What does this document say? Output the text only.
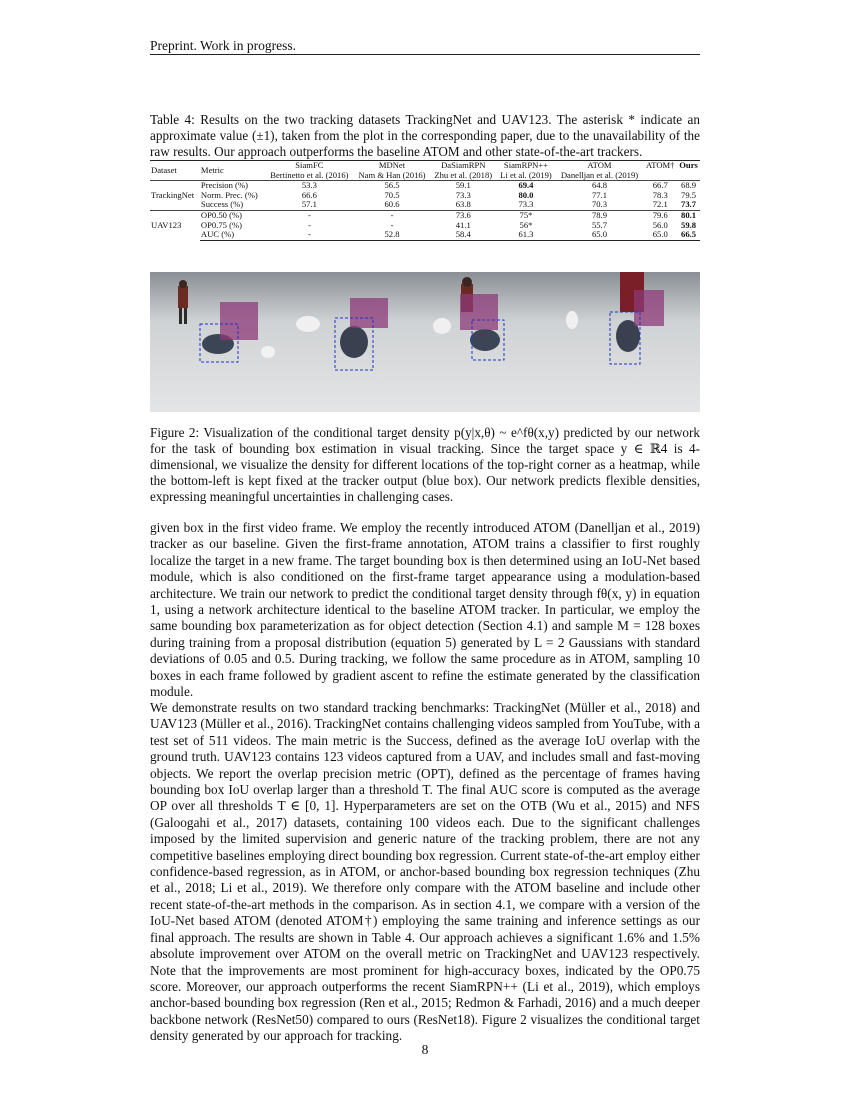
Preprint. Work in progress.
Table 4: Results on the two tracking datasets TrackingNet and UAV123. The asterisk * indicate an approximate value (±1), taken from the plot in the corresponding paper, due to the unavailability of the raw results. Our approach outperforms the baseline ATOM and other state-of-the-art trackers.
Dataset	Metric	SiamFC	MDNet	DaSiamRPN	SiamRPN++	ATOM	ATOM†	Ours
		Bertinetto et al. (2016)	Nam & Han (2016)	Zhu et al. (2018)	Li et al. (2019)	Danelljan et al. (2019)		
TrackingNet	Precision (%)	53.3	56.5	59.1	69.4	64.8	66.7	68.9
	Norm. Prec. (%)	66.6	70.5	73.3	80.0	77.1	78.3	79.5
	Success (%)	57.1	60.6	63.8	73.3	70.3	72.1	73.7
UAV123	OP0.50 (%)	-	-	73.6	75*	78.9	79.6	80.1
	OP0.75 (%)	-	-	41.1	56*	55.7	56.0	59.8
	AUC (%)	-	52.8	58.4	61.3	65.0	65.0	66.5
Figure 2: Visualization of the conditional target density p(y|x,θ) ~ e^fθ(x,y) predicted by our network for the task of bounding box estimation in visual tracking. Since the target space y ∈ ℝ4 is 4-dimensional, we visualize the density for different locations of the top-right corner as a heatmap, while the bottom-left is kept fixed at the tracker output (blue box). Our network predicts flexible densities, expressing meaningful uncertainties in challenging cases.
given box in the first video frame. We employ the recently introduced ATOM (Danelljan et al., 2019) tracker as our baseline. Given the first-frame annotation, ATOM trains a classifier to first roughly localize the target in a new frame. The target bounding box is then determined using an IoU-Net based module, which is also conditioned on the first-frame target appearance using a modulation-based architecture. We train our network to predict the conditional target density through fθ(x, y) in equation 1, using a network architecture identical to the baseline ATOM tracker. In particular, we employ the same bounding box parameterization as for object detection (Section 4.1) and sample M = 128 boxes during training from a proposal distribution (equation 5) generated by L = 2 Gaussians with standard deviations of 0.05 and 0.5. During tracking, we follow the same procedure as in ATOM, sampling 10 boxes in each frame followed by gradient ascent to refine the estimate generated by the classification module.
We demonstrate results on two standard tracking benchmarks: TrackingNet (Müller et al., 2018) and UAV123 (Müller et al., 2016). TrackingNet contains challenging videos sampled from YouTube, with a test set of 511 videos. The main metric is the Success, defined as the average IoU overlap with the ground truth. UAV123 contains 123 videos captured from a UAV, and includes small and fast-moving objects. We report the overlap precision metric (OPT), defined as the percentage of frames having bounding box IoU overlap larger than a threshold T. The final AUC score is computed as the average OP over all thresholds T ∈ [0, 1]. Hyperparameters are set on the OTB (Wu et al., 2015) and NFS (Galoogahi et al., 2017) datasets, containing 100 videos each. Due to the significant challenges imposed by the limited supervision and generic nature of the tracking problem, there are not any competitive baselines employing direct bounding box regression. Current state-of-the-art employ either confidence-based regression, as in ATOM, or anchor-based bounding box regression techniques (Zhu et al., 2018; Li et al., 2019). We therefore only compare with the ATOM baseline and include other recent state-of-the-art methods in the comparison. As in section 4.1, we compare with a version of the IoU-Net based ATOM (denoted ATOM†) employing the same training and inference settings as our final approach. The results are shown in Table 4. Our approach achieves a significant 1.6% and 1.5% absolute improvement over ATOM on the overall metric on TrackingNet and UAV123 respectively. Note that the improvements are most prominent for high-accuracy boxes, indicated by the OP0.75 score. Moreover, our approach outperforms the recent SiamRPN++ (Li et al., 2019), which employs anchor-based bounding box regression (Ren et al., 2015; Redmon & Farhadi, 2016) and a much deeper backbone network (ResNet50) compared to ours (ResNet18). Figure 2 visualizes the conditional target density generated by our approach for tracking.
8
